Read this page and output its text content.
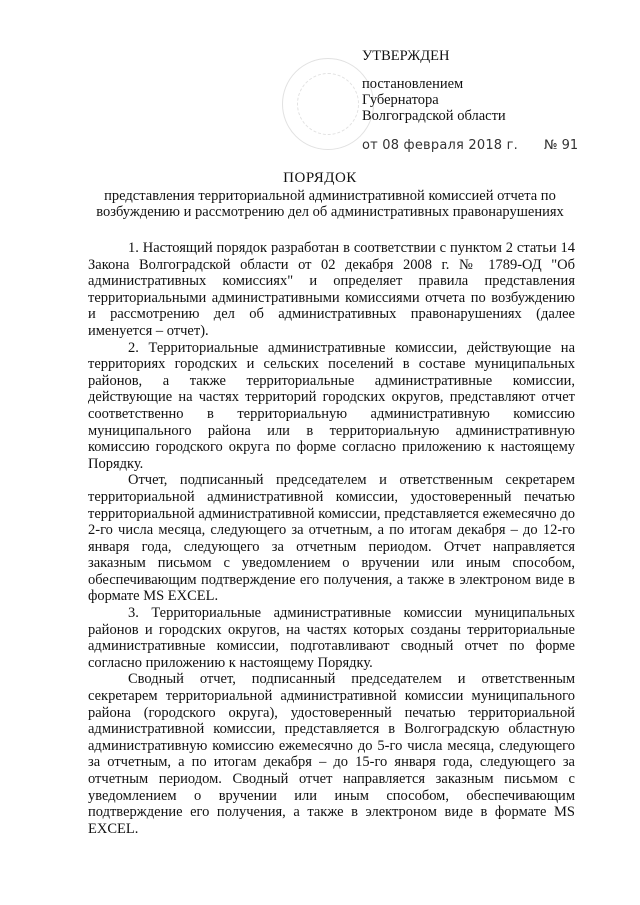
УТВЕРЖДЕН
постановлением
Губернатора
Волгоградской области
от 08 февраля 2018 г. № 91
ПОРЯДОК
представления территориальной административной комиссией отчета по возбуждению и рассмотрению дел об административных правонарушениях

1. Настоящий порядок разработан в соответствии с пунктом 2 статьи 14 Закона Волгоградской области от 02 декабря 2008 г. № 1789-ОД "Об административных комиссиях" и определяет правила представления территориальными административными комиссиями отчета по возбуждению и рассмотрению дел об административных правонарушениях (далее именуется – отчет).

2. Территориальные административные комиссии, действующие на территориях городских и сельских поселений в составе муниципальных районов, а также территориальные административные комиссии, действующие на частях территорий городских округов, представляют отчет соответственно в территориальную административную комиссию муниципального района или в территориальную административную комиссию городского округа по форме согласно приложению к настоящему Порядку.

Отчет, подписанный председателем и ответственным секретарем территориальной административной комиссии, удостоверенный печатью территориальной административной комиссии, представляется ежемесячно до 2-го числа месяца, следующего за отчетным, а по итогам декабря – до 12-го января года, следующего за отчетным периодом. Отчет направляется заказным письмом с уведомлением о вручении или иным способом, обеспечивающим подтверждение его получения, а также в электроном виде в формате MS EXCEL.

3. Территориальные административные комиссии муниципальных районов и городских округов, на частях которых созданы территориальные административные комиссии, подготавливают сводный отчет по форме согласно приложению к настоящему Порядку.

Сводный отчет, подписанный председателем и ответственным секретарем территориальной административной комиссии муниципального района (городского округа), удостоверенный печатью территориальной административной комиссии, представляется в Волгоградскую областную административную комиссию ежемесячно до 5-го числа месяца, следующего за отчетным, а по итогам декабря – до 15-го января года, следующего за отчетным периодом. Сводный отчет направляется заказным письмом с уведомлением о вручении или иным способом, обеспечивающим подтверждение его получения, а также в электроном виде в формате MS EXCEL.
